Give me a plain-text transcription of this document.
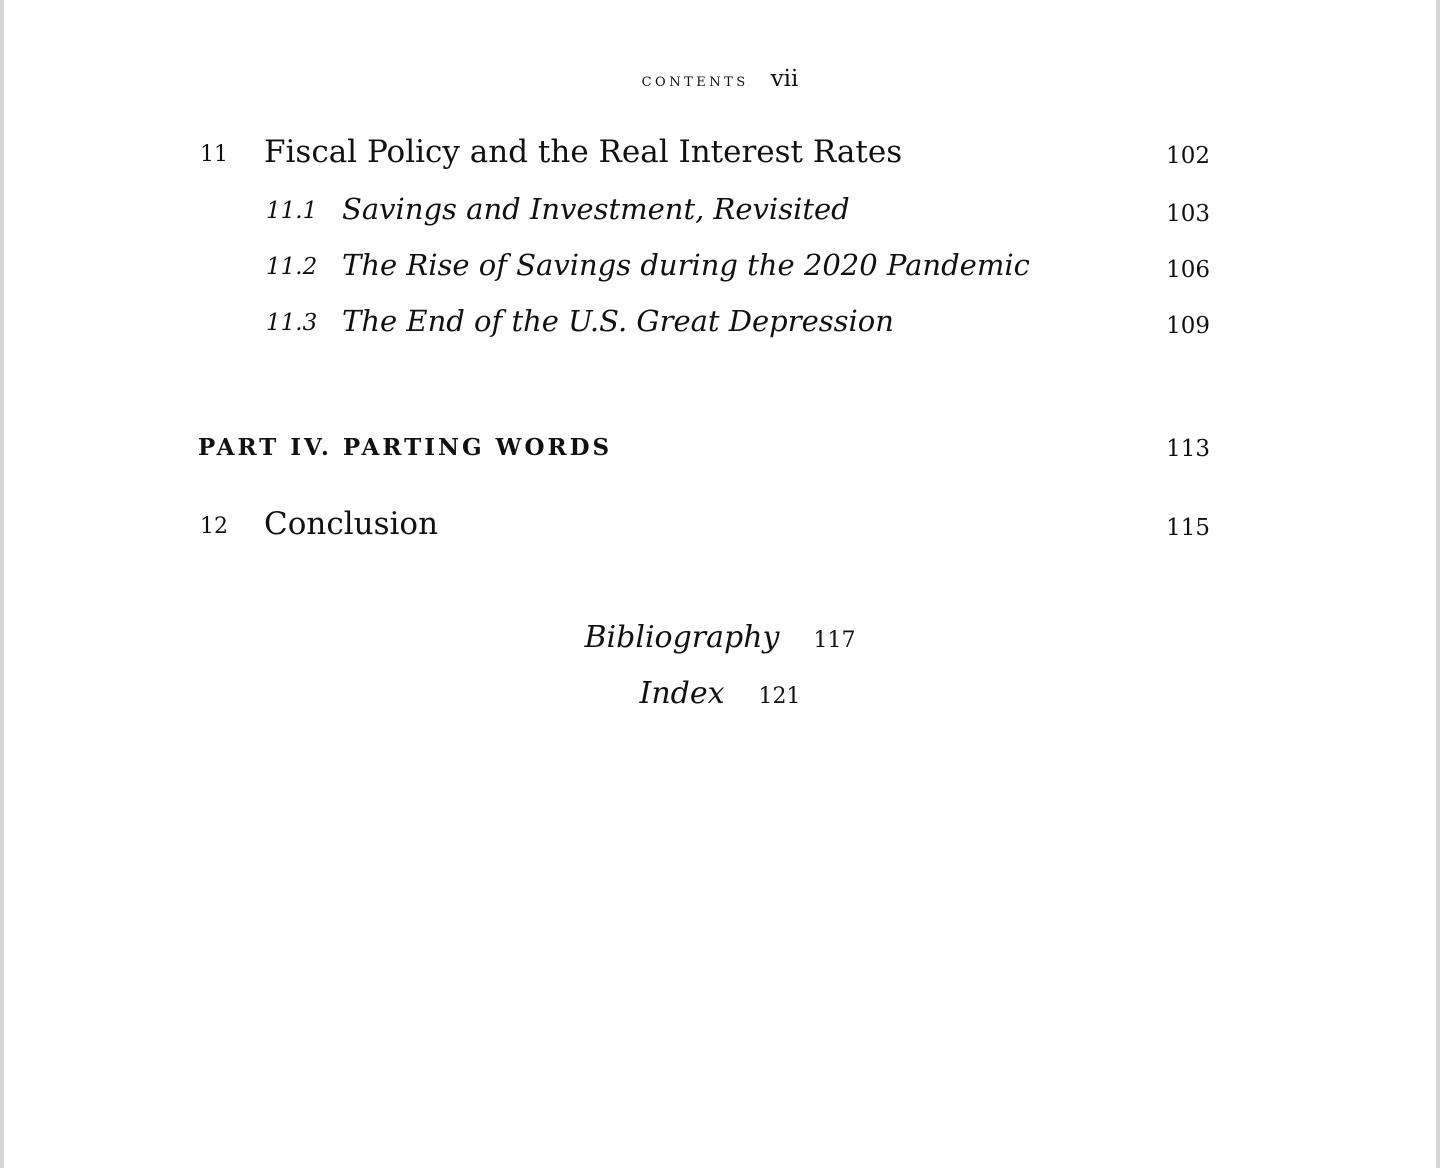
contents vii
11 Fiscal Policy and the Real Interest Rates	102
11.1 Savings and Investment, Revisited	103
11.2 The Rise of Savings during the 2020 Pandemic	106
11.3 The End of the U.S. Great Depression	109
PART IV. PARTING WORDS	113
12 Conclusion	115
Bibliography 117
Index 121
